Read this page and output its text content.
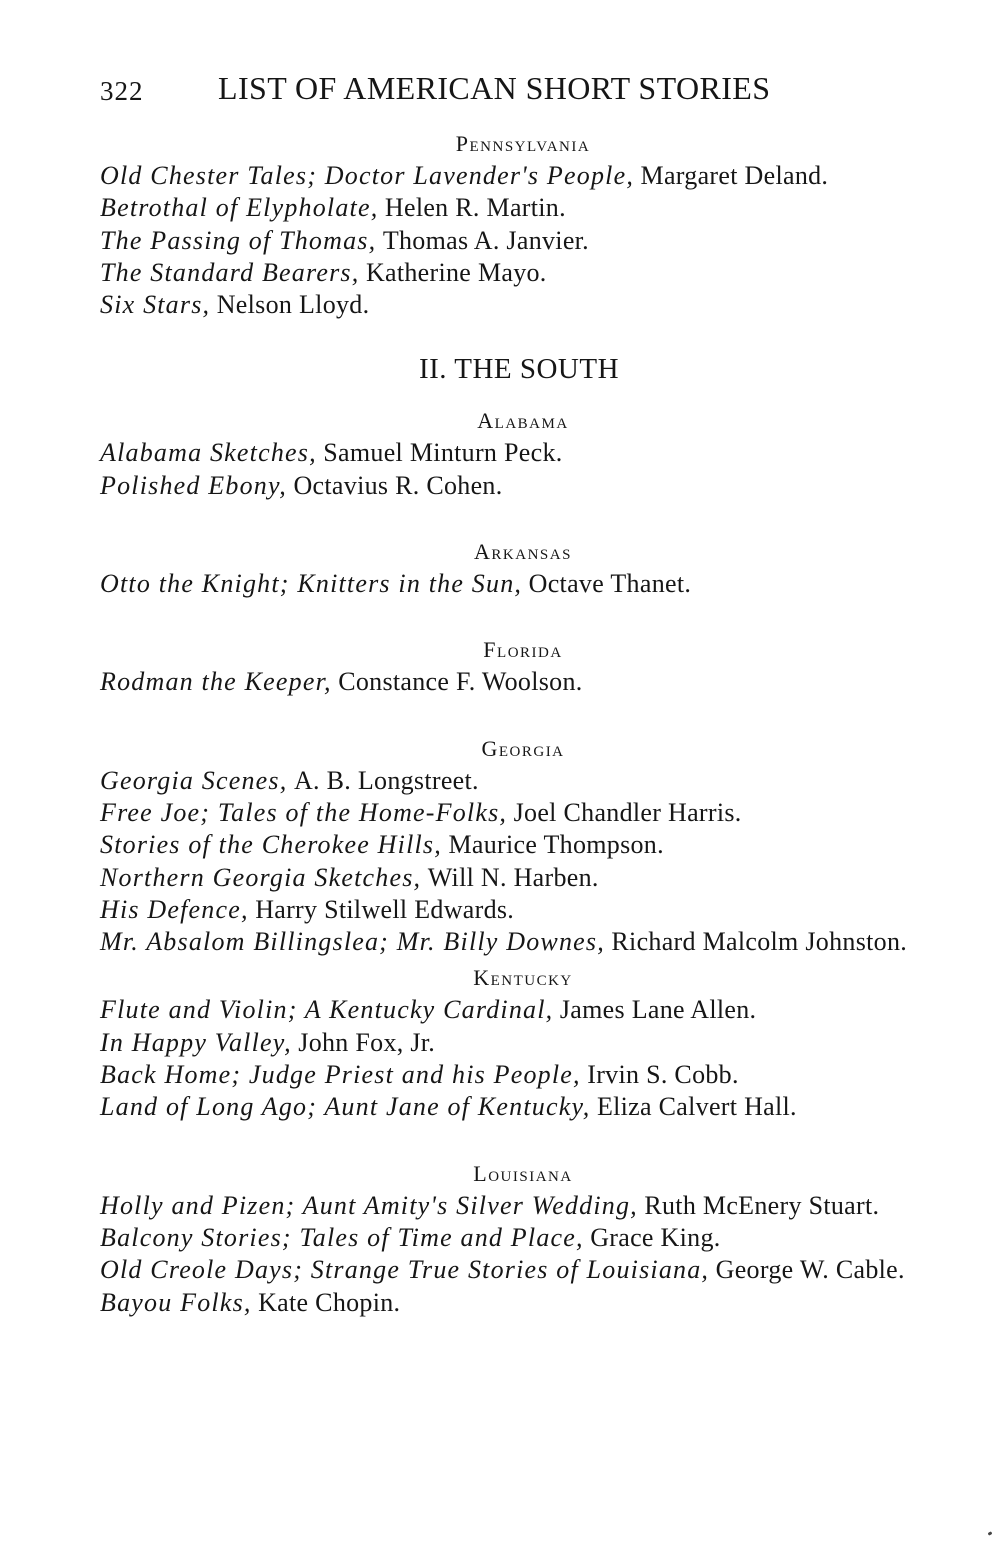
322 LIST OF AMERICAN SHORT STORIES
Pennsylvania
Old Chester Tales; Doctor Lavender's People, Margaret Deland.
Betrothal of Elypholate, Helen R. Martin.
The Passing of Thomas, Thomas A. Janvier.
The Standard Bearers, Katherine Mayo.
Six Stars, Nelson Lloyd.
II. THE SOUTH
Alabama
Alabama Sketches, Samuel Minturn Peck.
Polished Ebony, Octavius R. Cohen.
Arkansas
Otto the Knight; Knitters in the Sun, Octave Thanet.
Florida
Rodman the Keeper, Constance F. Woolson.
Georgia
Georgia Scenes, A. B. Longstreet.
Free Joe; Tales of the Home-Folks, Joel Chandler Harris.
Stories of the Cherokee Hills, Maurice Thompson.
Northern Georgia Sketches, Will N. Harben.
His Defence, Harry Stilwell Edwards.
Mr. Absalom Billingslea; Mr. Billy Downes, Richard Malcolm Johnston.
Kentucky
Flute and Violin; A Kentucky Cardinal, James Lane Allen.
In Happy Valley, John Fox, Jr.
Back Home; Judge Priest and his People, Irvin S. Cobb.
Land of Long Ago; Aunt Jane of Kentucky, Eliza Calvert Hall.
Louisiana
Holly and Pizen; Aunt Amity's Silver Wedding, Ruth McEnery Stuart.
Balcony Stories; Tales of Time and Place, Grace King.
Old Creole Days; Strange True Stories of Louisiana, George W. Cable.
Bayou Folks, Kate Chopin.
